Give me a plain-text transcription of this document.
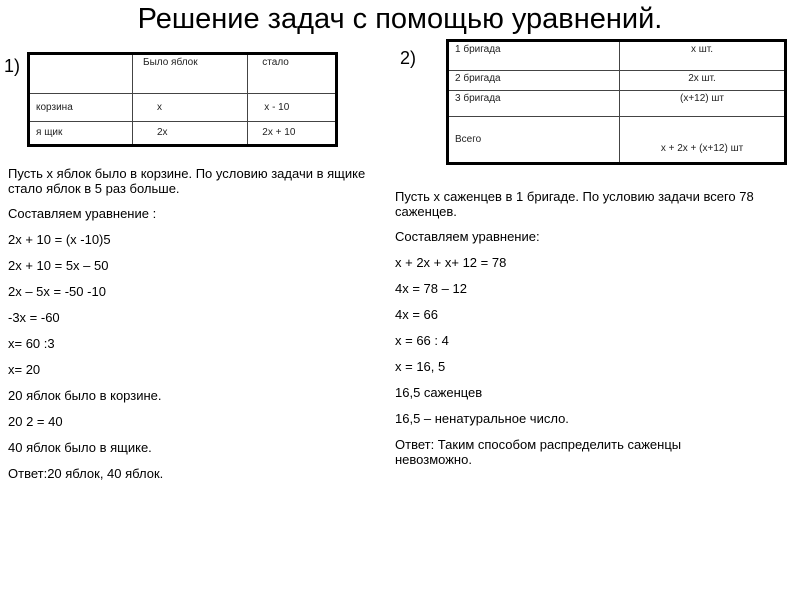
Решение задач с помощью уравнений.
1)
		Было яблок	стало
корзина	x	x - 10
я щик	2x	2x + 10
2)	1 бригада	x шт.
2 бригада	2x шт.
3 бригада	(x+12) шт
Всего	x + 2x + (x+12) шт

Пусть x яблок было в корзине. По условию задачи в ящике стало яблок в 5 раз больше.

Составляем уравнение :

2x + 10 = (x -10)5

2x + 10 = 5x – 50

2x – 5x = -50 -10

-3x = -60

x= 60 :3

x= 20

20 яблок было в корзине.

20 2 = 40

40 яблок было в ящике.

Ответ:20 яблок, 40 яблок.

Пусть x саженцев в 1 бригаде. По условию задачи всего 78 саженцев.

Составляем уравнение:

x + 2x + x+ 12 = 78

4x = 78 – 12

4x = 66

x = 66 : 4

x = 16, 5

16,5 саженцев

16,5 – ненатуральное число.

Ответ: Таким способом распределить саженцы невозможно.
